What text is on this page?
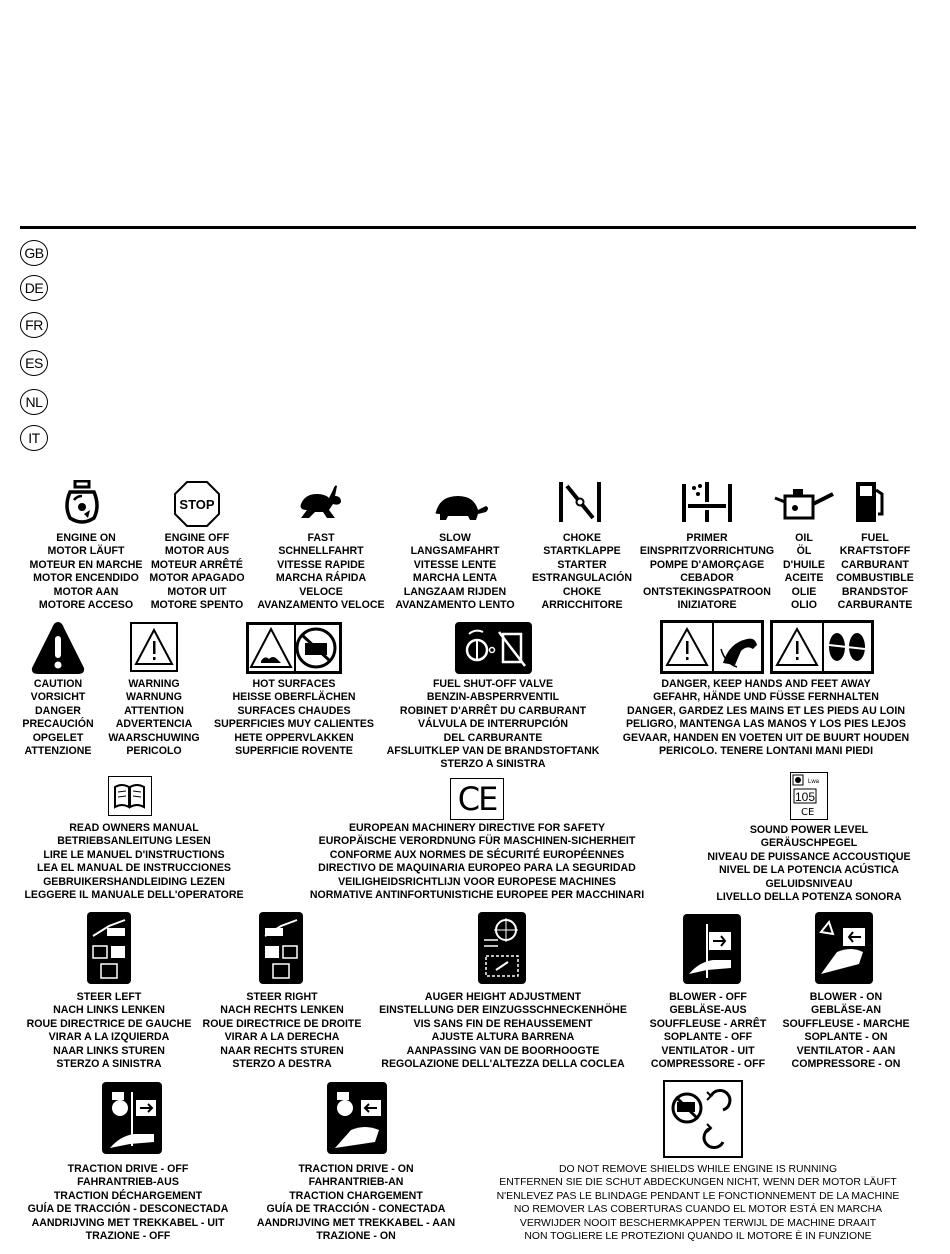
GB
DE
FR
ES
NL
IT
STOP
ENGINE ON
MOTOR LÄUFT
MOTEUR EN MARCHE
MOTOR ENCENDIDO
MOTOR AAN
MOTORE ACCESO
ENGINE OFF
MOTOR AUS
MOTEUR ARRÊTÉ
MOTOR APAGADO
MOTOR UIT
MOTORE SPENTO
FAST
SCHNELLFAHRT
VITESSE RAPIDE
MARCHA RÁPIDA
VELOCE
AVANZAMENTO VELOCE
SLOW
LANGSAMFAHRT
VITESSE LENTE
MARCHA LENTA
LANGZAAM RIJDEN
AVANZAMENTO LENTO
CHOKE
STARTKLAPPE
STARTER
ESTRANGULACIÓN
CHOKE
ARRICCHITORE
PRIMER
EINSPRITZVORRICHTUNG
POMPE D'AMORÇAGE
CEBADOR
ONTSTEKINGSPATROON
INIZIATORE
OIL
ÖL
D'HUILE
ACEITE
OLIE
OLIO
FUEL
KRAFTSTOFF
CARBURANT
COMBUSTIBLE
BRANDSTOF
CARBURANTE
CAUTION
VORSICHT
DANGER
PRECAUCIÓN
OPGELET
ATTENZIONE
WARNING
WARNUNG
ATTENTION
ADVERTENCIA
WAARSCHUWING
PERICOLO
HOT SURFACES
HEISSE OBERFLÄCHEN
SURFACES CHAUDES
SUPERFICIES MUY CALIENTES
HETE OPPERVLAKKEN
SUPERFICIE ROVENTE
FUEL SHUT-OFF VALVE
BENZIN-ABSPERRVENTIL
ROBINET D'ARRÊT DU CARBURANT
VÁLVULA DE INTERRUPCIÓN
DEL CARBURANTE
AFSLUITKLEP VAN DE BRANDSTOFTANK
STERZO A SINISTRA
DANGER, KEEP HANDS AND FEET AWAY
GEFAHR, HÄNDE UND FÜSSE FERNHALTEN
DANGER, GARDEZ LES MAINS ET LES PIEDS AU LOIN
PELIGRO, MANTENGA LAS MANOS Y LOS PIES LEJOS
GEVAAR, HANDEN EN VOETEN UIT DE BUURT HOUDEN
PERICOLO. TENERE LONTANI MANI PIEDI
CE	Lwa
105
CE
READ OWNERS MANUAL
BETRIEBSANLEITUNG LESEN
LIRE LE MANUEL D'INSTRUCTIONS
LEA EL MANUAL DE INSTRUCCIONES
GEBRUIKERSHANDLEIDING LEZEN
LEGGERE IL MANUALE DELL'OPERATORE
EUROPEAN MACHINERY DIRECTIVE FOR SAFETY
EUROPÄISCHE VERORDNUNG FÜR MASCHINEN-SICHERHEIT
CONFORME AUX NORMES DE SÉCURITÉ EUROPÉENNES
DIRECTIVO DE MAQUINARIA EUROPEO PARA LA SEGURIDAD
VEILIGHEIDSRICHTLIJN VOOR EUROPESE MACHINES
NORMATIVE ANTINFORTUNISTICHE EUROPEE PER MACCHINARI
SOUND POWER LEVEL
GERÄUSCHPEGEL
NIVEAU DE PUISSANCE ACCOUSTIQUE
NIVEL DE LA POTENCIA ACÚSTICA
GELUIDSNIVEAU
LIVELLO DELLA POTENZA SONORA
STEER LEFT
NACH LINKS LENKEN
ROUE DIRECTRICE DE GAUCHE
VIRAR A LA IZQUIERDA
NAAR LINKS STUREN
STERZO A SINISTRA
STEER RIGHT
NACH RECHTS LENKEN
ROUE DIRECTRICE DE DROITE
VIRAR A LA DERECHA
NAAR RECHTS STUREN
STERZO A DESTRA
AUGER HEIGHT ADJUSTMENT
EINSTELLUNG DER EINZUGSSCHNECKENHÖHE
VIS SANS FIN DE REHAUSSEMENT
AJUSTE ALTURA BARRENA
AANPASSING VAN DE BOORHOOGTE
REGOLAZIONE DELL'ALTEZZA DELLA COCLEA
BLOWER - OFF
GEBLÄSE-AUS
SOUFFLEUSE - ARRÊT
SOPLANTE - OFF
VENTILATOR - UIT
COMPRESSORE - OFF
BLOWER - ON
GEBLÄSE-AN
SOUFFLEUSE - MARCHE
SOPLANTE - ON
VENTILATOR - AAN
COMPRESSORE - ON
TRACTION DRIVE - OFF
FAHRANTRIEB-AUS
TRACTION DÉCHARGEMENT
GUÍA DE TRACCIÓN - DESCONECTADA
AANDRIJVING MET TREKKABEL - UIT
TRAZIONE - OFF
TRACTION DRIVE - ON
FAHRANTRIEB-AN
TRACTION CHARGEMENT
GUÍA DE TRACCIÓN - CONECTADA
AANDRIJVING MET TREKKABEL - AAN
TRAZIONE - ON
DO NOT REMOVE SHIELDS WHILE ENGINE IS RUNNING
ENTFERNEN SIE DIE SCHUT ABDECKUNGEN NICHT, WENN DER MOTOR LÄUFT
N'ENLEVEZ PAS LE BLINDAGE PENDANT LE FONCTIONNEMENT DE LA MACHINE
NO REMOVER LAS COBERTURAS CUANDO EL MOTOR ESTÁ EN MARCHA
VERWIJDER NOOIT BESCHERMKAPPEN TERWIJL DE MACHINE DRAAIT
NON TOGLIERE LE PROTEZIONI QUANDO IL MOTORE È IN FUNZIONE
